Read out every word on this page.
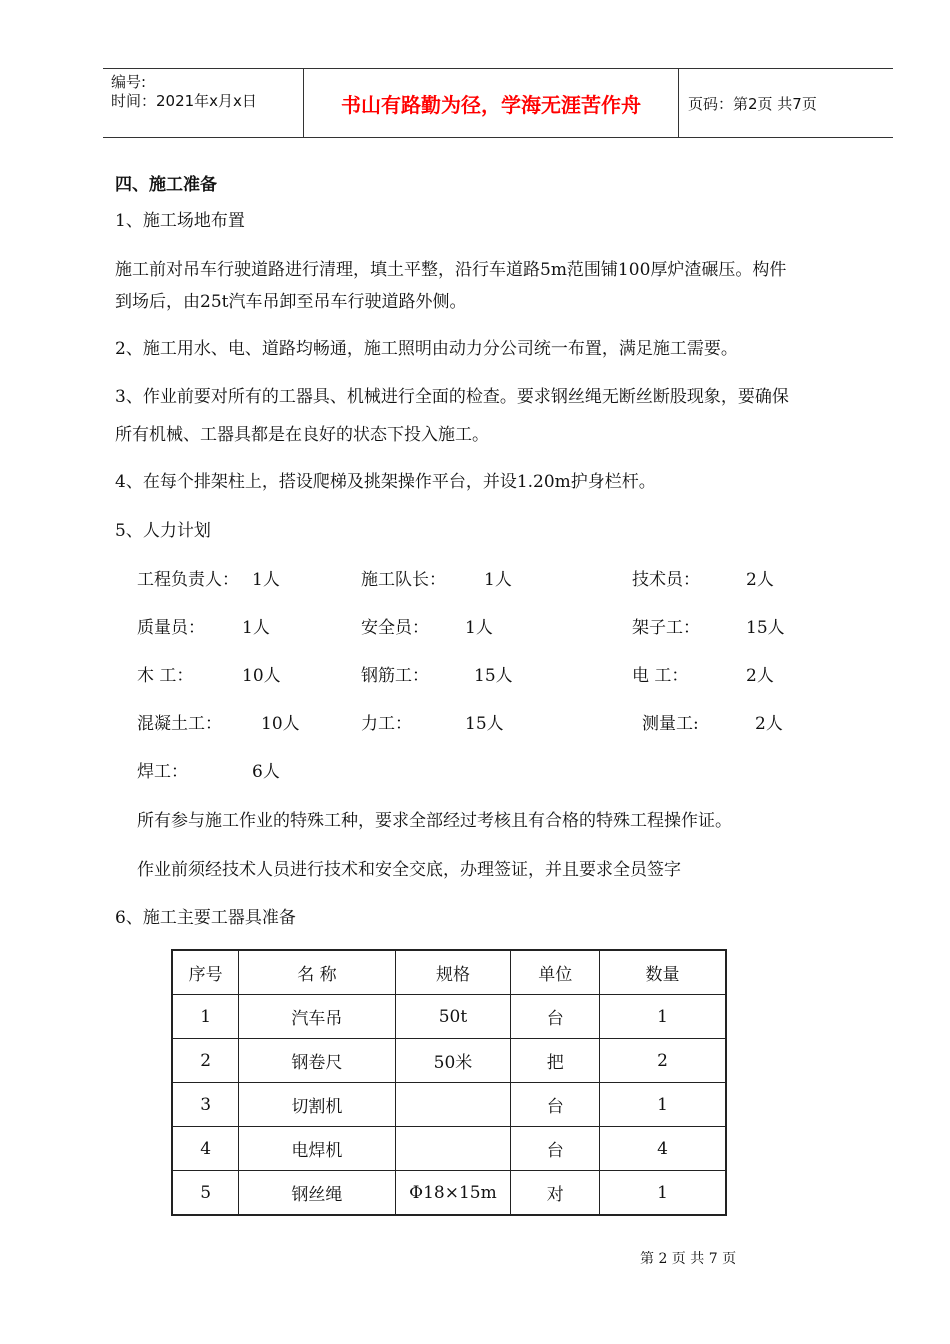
编号:
时间：2021年x月x日	书山有路勤为径，学海无涯苦作舟	页码：第2页 共7页
四、施工准备
1、施工场地布置
施工前对吊车行驶道路进行清理，填土平整，沿行车道路5m范围铺100厚炉渣碾压。构件
到场后，由25t汽车吊卸至吊车行驶道路外侧。
2、施工用水、电、道路均畅通，施工照明由动力分公司统一布置，满足施工需要。
3、作业前要对所有的工器具、机械进行全面的检查。要求钢丝绳无断丝断股现象，要确保
所有机械、工器具都是在良好的状态下投入施工。
4、在每个排架柱上，搭设爬梯及挑架操作平台，并设1.20m护身栏杆。
5、人力计划
工程负责人： 1人	施工队长： 1人	技术员：	2人
质量员： 1人	安全员： 1人	架子工：	15人
木 工：	10人	钢筋工：	15人	电 工：	2人
混凝土工： 10人	力工：	15人	测量工:	2人
焊工：	6人
所有参与施工作业的特殊工种，要求全部经过考核且有合格的特殊工程操作证。
作业前须经技术人员进行技术和安全交底，办理签证，并且要求全员签字
6、施工主要工器具准备
序号	名 称	规格	单位	数量
1	汽车吊	50t	台	1
2	钢卷尺	50米	把	2
3	切割机		台	1
4	电焊机		台	4
5	钢丝绳	Φ18×15m	对	1
第 2 页 共 7 页
